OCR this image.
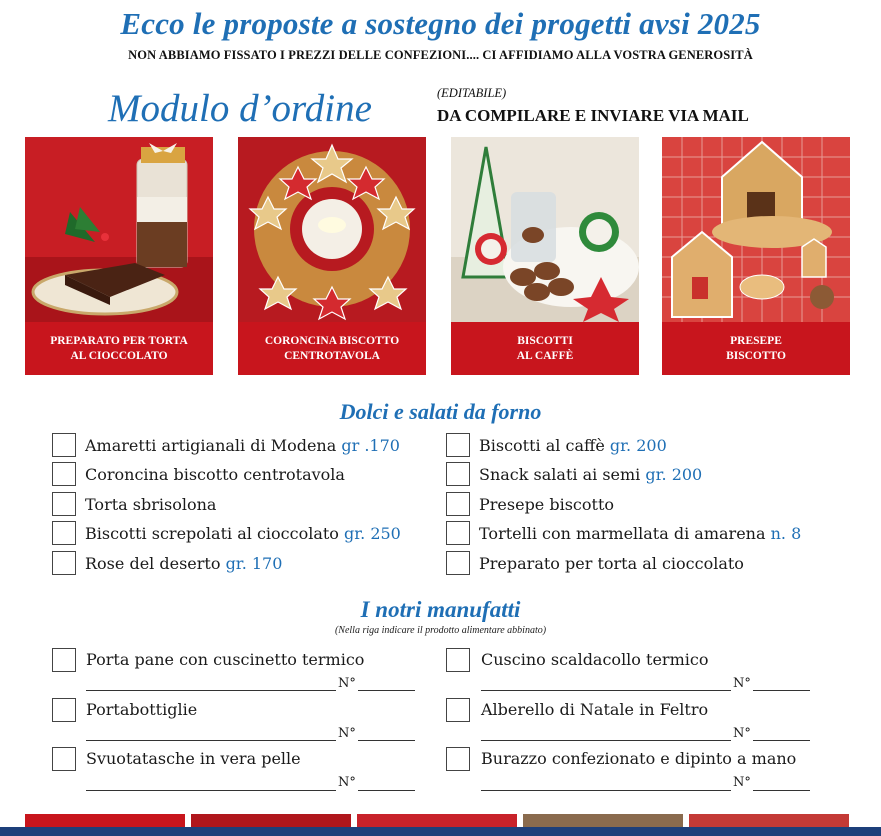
Ecco le proposte a sostegno dei progetti avsi 2025
NON ABBIAMO FISSATO I PREZZI DELLE CONFEZIONI.... CI AFFIDIAMO ALLA VOSTRA GENEROSITÀ
Modulo d’ordine	(EDITABILE)
DA COMPILARE E INVIARE VIA MAIL
PREPARATO PER TORTA
AL CIOCCOLATO
CORONCINA BISCOTTO
CENTROTAVOLA
BISCOTTI
AL CAFFÈ
PRESEPE
BISCOTTO
Dolci e salati da forno
Amaretti artigianali di Modena gr .170
Coroncina biscotto centrotavola
Torta sbrisolona
Biscotti screpolati al cioccolato gr. 250
Rose del deserto gr. 170
Biscotti al caffè gr. 200
Snack salati ai semi gr. 200
Presepe biscotto
Tortelli con marmellata di amarena n. 8
Preparato per torta al cioccolato
I notri manufatti
(Nella riga indicare il prodotto alimentare abbinato)
Porta pane con cuscinetto termico
N°
Portabottiglie
N°
Svuotatasche in vera pelle
N°
Cuscino scaldacollo termico
N°
Alberello di Natale in Feltro
N°
Burazzo confezionato e dipinto a mano
N°
